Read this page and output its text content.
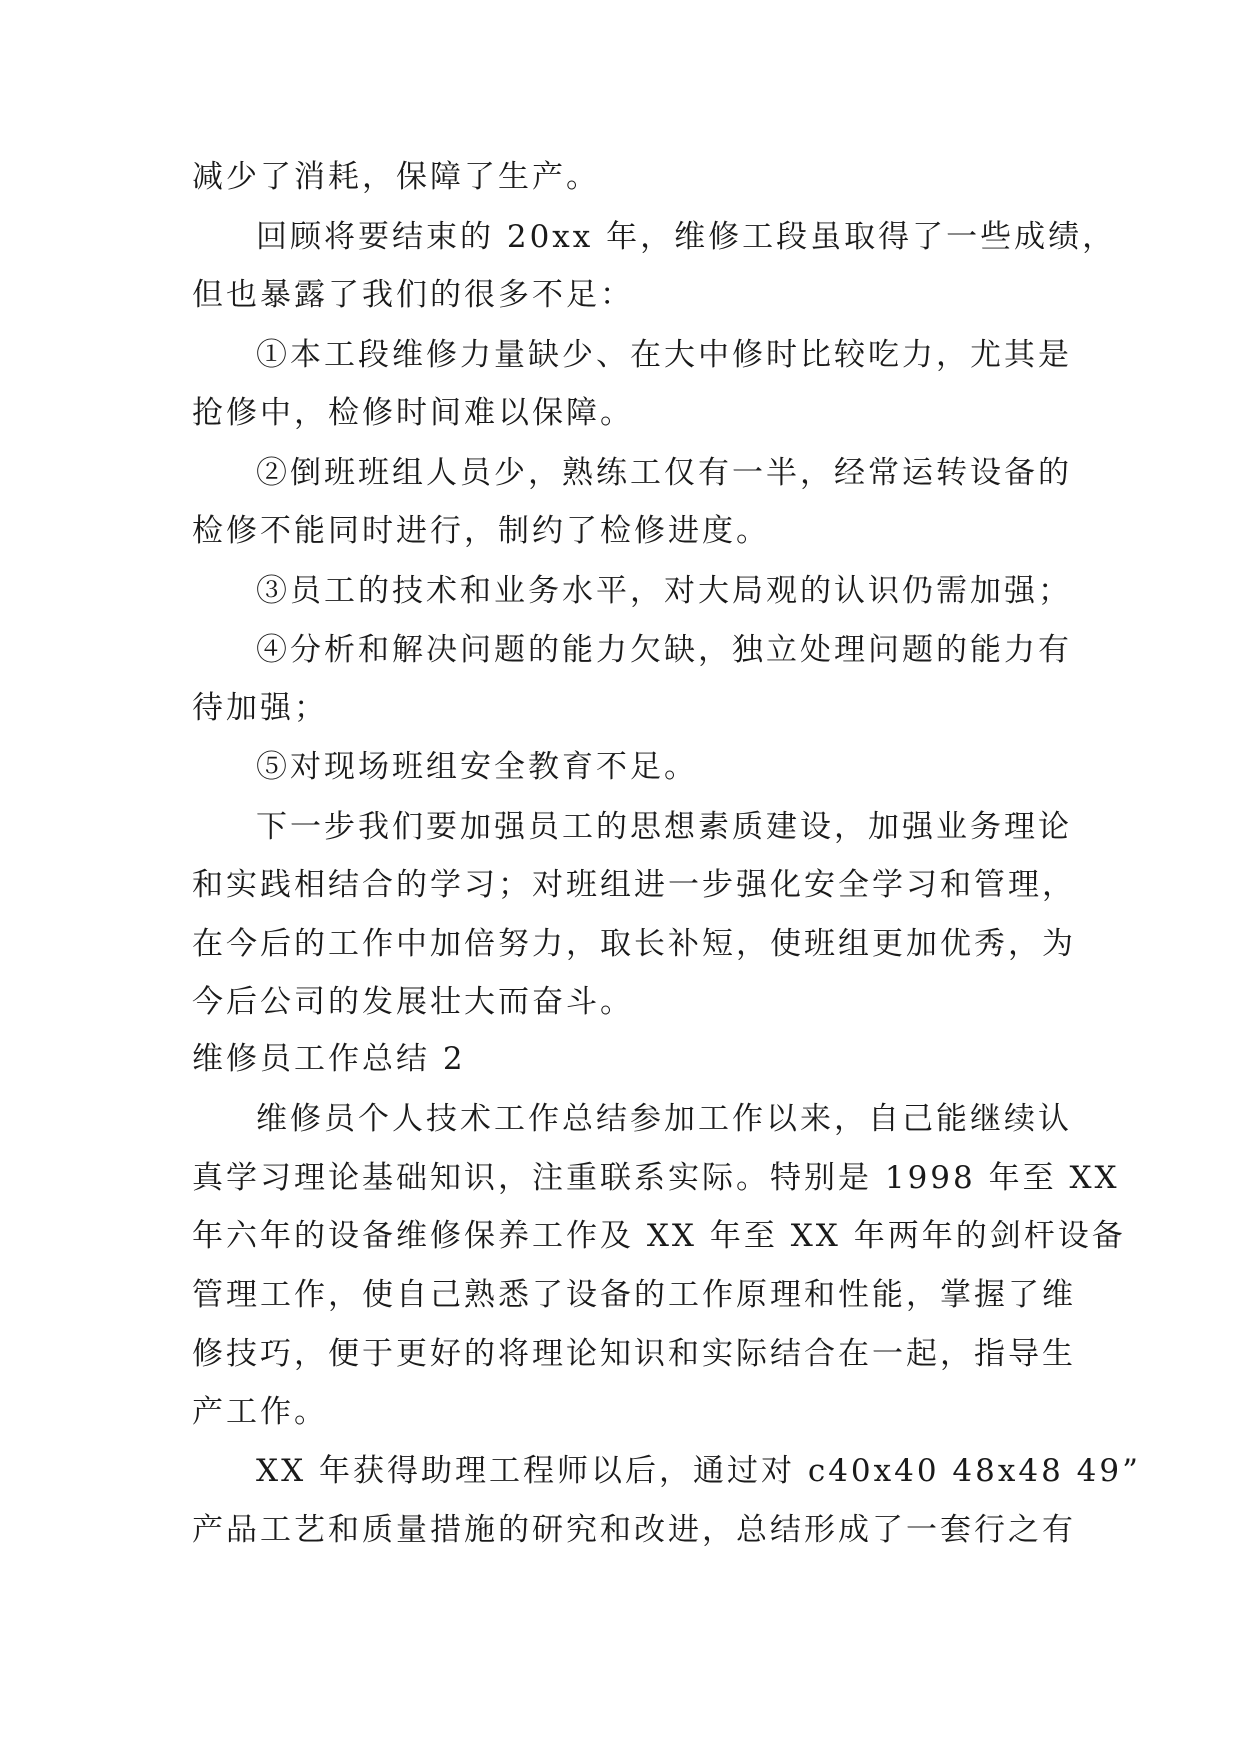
减少了消耗，保障了生产。
回顾将要结束的 20xx 年，维修工段虽取得了一些成绩，
但也暴露了我们的很多不足：
①本工段维修力量缺少、在大中修时比较吃力，尤其是
抢修中，检修时间难以保障。
②倒班班组人员少，熟练工仅有一半，经常运转设备的
检修不能同时进行，制约了检修进度。
③员工的技术和业务水平，对大局观的认识仍需加强；
④分析和解决问题的能力欠缺，独立处理问题的能力有
待加强；
⑤对现场班组安全教育不足。
下一步我们要加强员工的思想素质建设，加强业务理论
和实践相结合的学习；对班组进一步强化安全学习和管理，
在今后的工作中加倍努力，取长补短，使班组更加优秀，为
今后公司的发展壮大而奋斗。
维修员工作总结 2
维修员个人技术工作总结参加工作以来，自己能继续认
真学习理论基础知识，注重联系实际。特别是 1998 年至 XX
年六年的设备维修保养工作及 XX 年至 XX 年两年的剑杆设备
管理工作，使自己熟悉了设备的工作原理和性能，掌握了维
修技巧，便于更好的将理论知识和实际结合在一起，指导生
产工作。
XX 年获得助理工程师以后，通过对 c40x40 48x48 49”
产品工艺和质量措施的研究和改进，总结形成了一套行之有
